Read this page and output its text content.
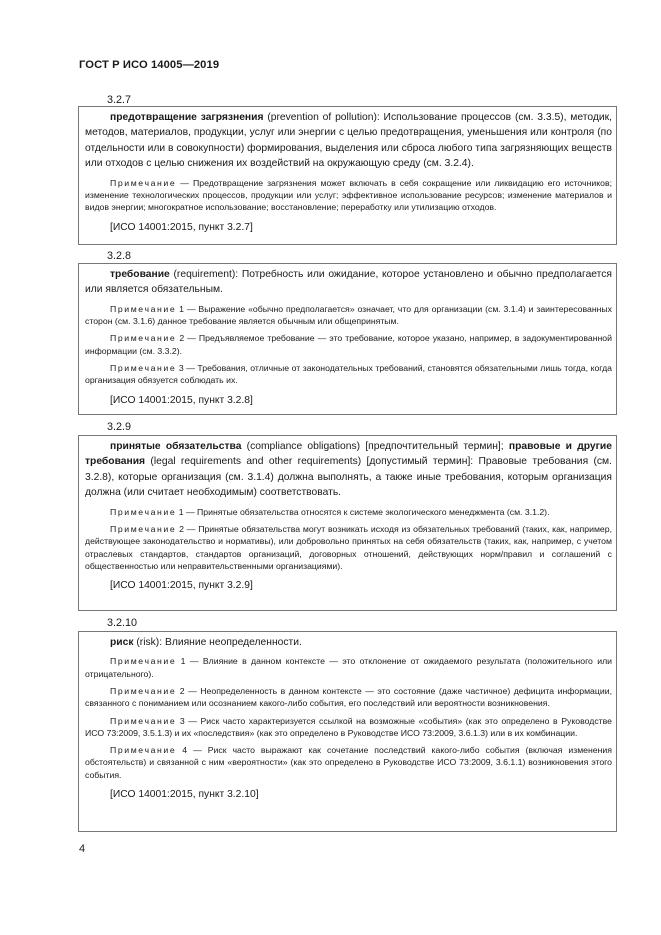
ГОСТ Р ИСО 14005—2019
3.2.7

предотвращение загрязнения (prevention of pollution): Использование процессов (см. 3.3.5), методик, методов, материалов, продукции, услуг или энергии с целью предотвращения, уменьшения или контроля (по отдельности или в совокупности) формирования, выделения или сброса любого типа загрязняющих веществ или отходов с целью снижения их воздействий на окружающую среду (см. 3.2.4).

Примечание — Предотвращение загрязнения может включать в себя сокращение или ликвидацию его источников; изменение технологических процессов, продукции или услуг; эффективное использование ресурсов; изменение материалов и видов энергии; многократное использование; восстановление; переработку или утилизацию отходов.

[ИСО 14001:2015, пункт 3.2.7]

3.2.8

требование (requirement): Потребность или ожидание, которое установлено и обычно предполагается или является обязательным.

Примечание 1 — Выражение «обычно предполагается» означает, что для организации (см. 3.1.4) и заинтересованных сторон (см. 3.1.6) данное требование является обычным или общепринятым.

Примечание 2 — Предъявляемое требование — это требование, которое указано, например, в задокументированной информации (см. 3.3.2).

Примечание 3 — Требования, отличные от законодательных требований, становятся обязательными лишь тогда, когда организация обязуется соблюдать их.

[ИСО 14001:2015, пункт 3.2.8]

3.2.9

принятые обязательства (compliance obligations) [предпочтительный термин]; правовые и другие требования (legal requirements and other requirements) [допустимый термин]: Правовые требования (см. 3.2.8), которые организация (см. 3.1.4) должна выполнять, а также иные требования, которым организация должна (или считает необходимым) соответствовать.

Примечание 1 — Принятые обязательства относятся к системе экологического менеджмента (см. 3.1.2).

Примечание 2 — Принятые обязательства могут возникать исходя из обязательных требований (таких, как, например, действующее законодательство и нормативы), или добровольно принятых на себя обязательств (таких, как, например, с учетом отраслевых стандартов, стандартов организаций, договорных отношений, действующих норм/правил и соглашений с общественностью или неправительственными организациями).

[ИСО 14001:2015, пункт 3.2.9]

3.2.10

риск (risk): Влияние неопределенности.

Примечание 1 — Влияние в данном контексте — это отклонение от ожидаемого результата (положительного или отрицательного).

Примечание 2 — Неопределенность в данном контексте — это состояние (даже частичное) дефицита информации, связанного с пониманием или осознанием какого-либо события, его последствий или вероятности возникновения.

Примечание 3 — Риск часто характеризуется ссылкой на возможные «события» (как это определено в Руководстве ИСО 73:2009, 3.5.1.3) и их «последствия» (как это определено в Руководстве ИСО 73:2009, 3.6.1.3) или в их комбинации.

Примечание 4 — Риск часто выражают как сочетание последствий какого-либо события (включая изменения обстоятельств) и связанной с ним «вероятности» (как это определено в Руководстве ИСО 73:2009, 3.6.1.1) возникновения этого события.

[ИСО 14001:2015, пункт 3.2.10]

4
